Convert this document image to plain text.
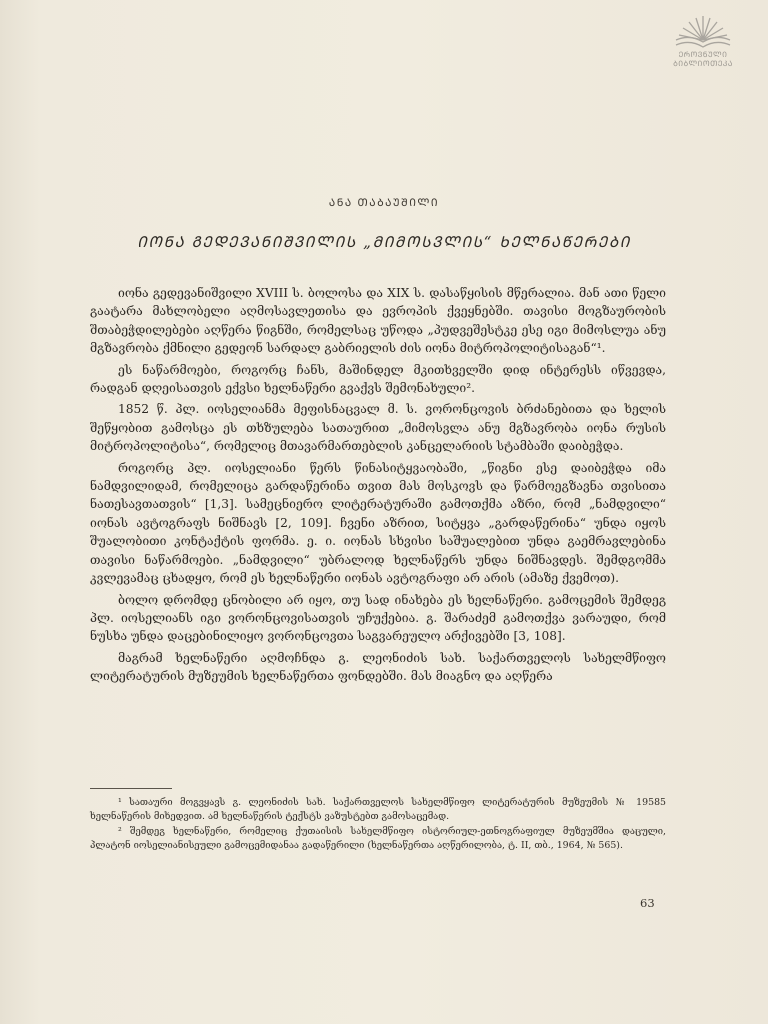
ᲔᲠᲝᲕᲜᲣᲚᲘ
ᲑᲘᲑᲚᲘᲝᲗᲔᲙᲐ
ᲐᲜᲐ ᲗᲐᲑᲐᲣᲨᲘᲚᲘ
ᲘᲝᲜᲐ ᲒᲔᲓᲔᲕᲐᲜᲘᲨᲕᲘᲚᲘᲡ „ᲛᲘᲛᲝᲡᲕᲚᲘᲡ“ ᲮᲔᲚᲜᲐᲬᲔᲠᲔᲑᲘ

იონა გედევანიშვილი XVIII ს. ბოლოსა და XIX ს. დასაწყისის მწერალია. მან ათი წელი გაატარა მახლობელი აღმოსავლეთისა და ევროპის ქვეყნებში. თავისი მოგზაურობის შთაბეჭდილებები აღწერა წიგნში, რომელსაც უწოდა „პუდვეშესტკე ესე იგი მიმოსლუა ანუ მგზავრობა ქმნილი გედეონ სარდალ გაბრიელის ძის იონა მიტროპოლიტისაგან“¹.

ეს ნაწარმოები, როგორც ჩანს, მაშინდელ მკითხველში დიდ ინტერესს იწვევდა, რადგან დღეისათვის ექვსი ხელნაწერი გვაქვს შემონახული².

1852 წ. პლ. იოსელიანმა მეფისნაცვალ მ. ს. ვორონცოვის ბრძანებითა და ხელის შეწყობით გამოსცა ეს თხზულება სათაურით „მიმოსვლა ანუ მგზავრობა იონა რუსის მიტროპოლიტისა“, რომელიც მთავარმართებლის კანცელარიის სტამბაში დაიბეჭდა.

როგორც პლ. იოსელიანი წერს წინასიტყვაობაში, „წიგნი ესე დაიბეჭდა იმა ნამდვილიდამ, რომელიცა გარდაწერინა თვით მას მოსკოვს და წარმოეგზავნა თვისითა ნათესავთათვის“ [1,3]. სამეცნიერო ლიტერატურაში გამოთქმა აზრი, რომ „ნამდვილი“ იონას ავტოგრაფს ნიშნავს [2, 109]. ჩვენი აზრით, სიტყვა „გარდაწერინა“ უნდა იყოს შუალობითი კონტაქტის ფორმა. ე. ი. იონას სხვისი საშუალებით უნდა გაემრავლებინა თავისი ნაწარმოები. „ნამდვილი“ უბრალოდ ხელნაწერს უნდა ნიშნავდეს. შემდგომმა კვლევამაც ცხადყო, რომ ეს ხელნაწერი იონას ავტოგრაფი არ არის (ამაზე ქვემოთ).

ბოლო დრომდე ცნობილი არ იყო, თუ სად ინახება ეს ხელნაწერი. გამოცემის შემდეგ პლ. იოსელიანს იგი ვორონცოვისათვის უჩუქებია. გ. შარაძემ გამოთქვა ვარაუდი, რომ ნუსხა უნდა დაცებინილიყო ვორონცოვთა საგვარეულო არქივებში [3, 108].

მაგრამ ხელნაწერი აღმოჩნდა გ. ლეონიძის სახ. საქართველოს სახელმწიფო ლიტერატურის მუზეუმის ხელნაწერთა ფონდებში. მას მიაგნო და აღწერა

¹ სათაური მოგვყავს გ. ლეონიძის სახ. საქართველოს სახელმწიფო ლიტერატურის მუზეუმის № 19585 ხელნაწერის მიხედვით. ამ ხელნაწერის ტექსტს ვაზუსტებთ გამოსაცემად.

² შემდეგ ხელნაწერი, რომელიც ქუთაისის სახელმწიფო ისტორიულ-ეთნოგრაფიულ მუზეუმშია დაცული, პლატონ იოსელიანისეული გამოცემიდანაა გადაწერილი (ხელნაწერთა აღწერილობა, ტ. II, თბ., 1964, № 565).

63
